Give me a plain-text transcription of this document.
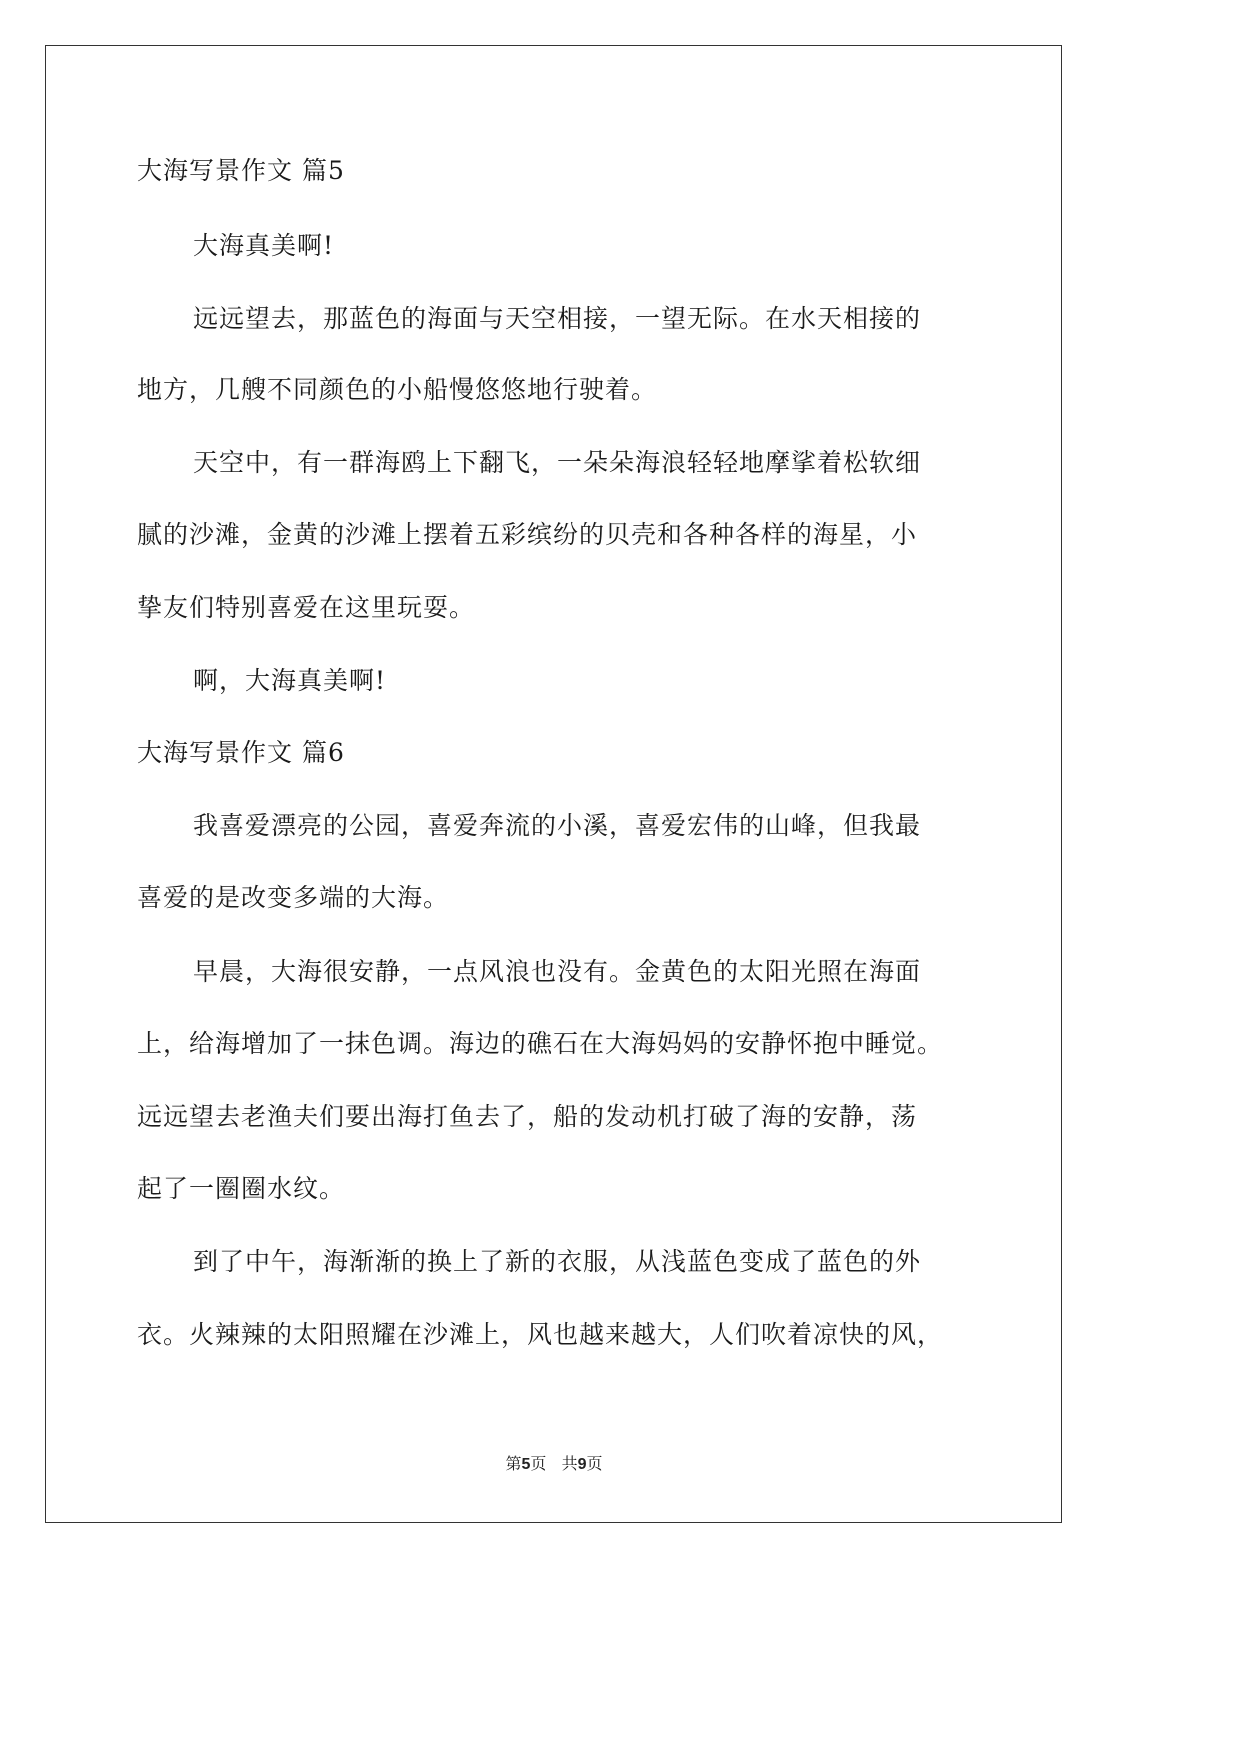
大海写景作文 篇5
大海真美啊!
远远望去，那蓝色的海面与天空相接，一望无际。在水天相接的
地方，几艘不同颜色的小船慢悠悠地行驶着。
天空中，有一群海鸥上下翻飞，一朵朵海浪轻轻地摩挲着松软细
腻的沙滩，金黄的沙滩上摆着五彩缤纷的贝壳和各种各样的海星，小
挚友们特别喜爱在这里玩耍。
啊，大海真美啊!
大海写景作文 篇6
我喜爱漂亮的公园，喜爱奔流的小溪，喜爱宏伟的山峰，但我最
喜爱的是改变多端的大海。
早晨，大海很安静，一点风浪也没有。金黄色的太阳光照在海面
上，给海增加了一抹色调。海边的礁石在大海妈妈的安静怀抱中睡觉。
远远望去老渔夫们要出海打鱼去了，船的发动机打破了海的安静，荡
起了一圈圈水纹。
到了中午，海渐渐的换上了新的衣服，从浅蓝色变成了蓝色的外
衣。火辣辣的太阳照耀在沙滩上，风也越来越大，人们吹着凉快的风，
第5页   共9页
